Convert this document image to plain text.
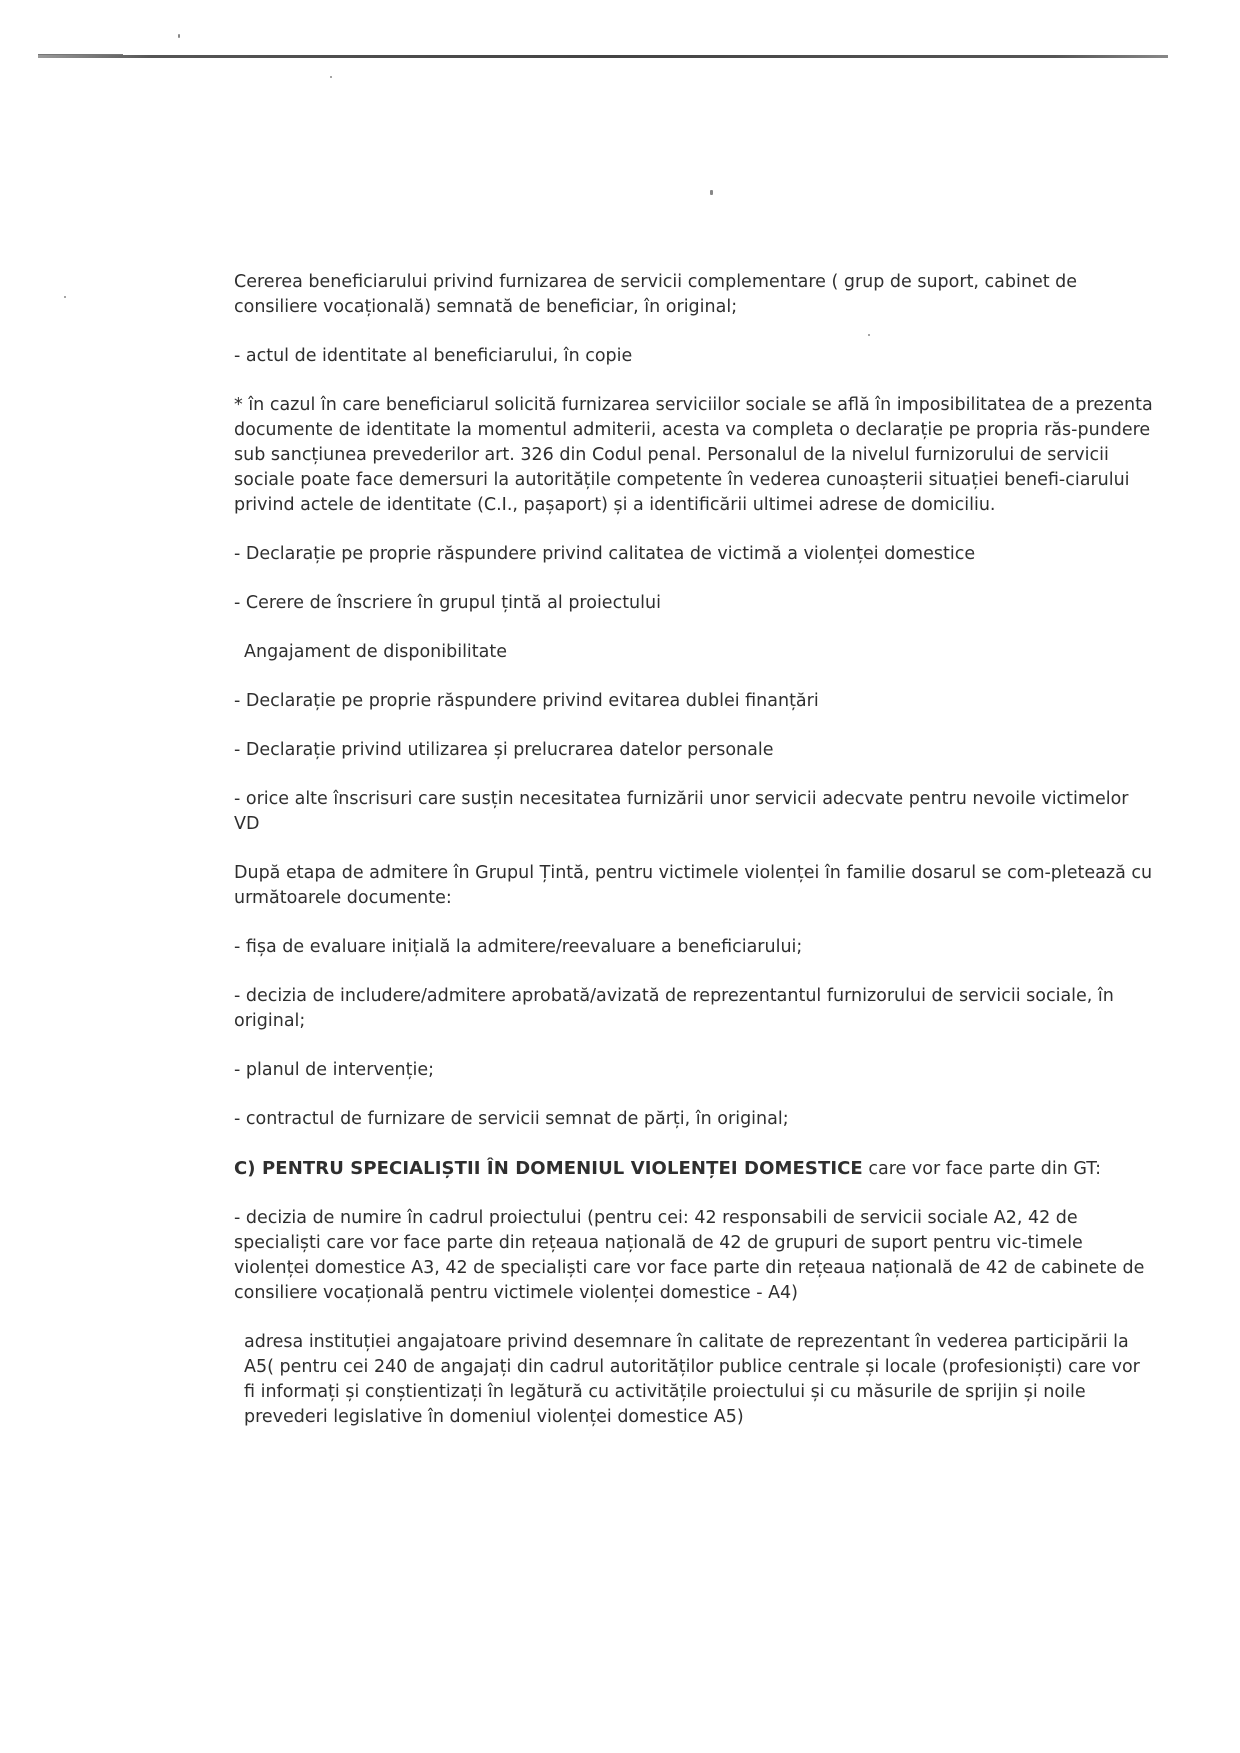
Cererea beneficiarului privind furnizarea de servicii complementare ( grup de suport, cabinet de consiliere vocațională) semnată de beneficiar, în original;

- actul de identitate al beneficiarului, în copie

* în cazul în care beneficiarul solicită furnizarea serviciilor sociale se află în imposibilitatea de a prezenta documente de identitate la momentul admiterii, acesta va completa o declarație pe propria răs-pundere sub sancțiunea prevederilor art. 326 din Codul penal. Personalul de la nivelul furnizorului de servicii sociale poate face demersuri la autoritățile competente în vederea cunoașterii situației benefi-ciarului privind actele de identitate (C.I., pașaport) și a identificării ultimei adrese de domiciliu.

- Declarație pe proprie răspundere privind calitatea de victimă a violenței domestice

- Cerere de înscriere în grupul țintă al proiectului

Angajament de disponibilitate

- Declarație pe proprie răspundere privind evitarea dublei finanțări

- Declarație privind utilizarea și prelucrarea datelor personale

- orice alte înscrisuri care susțin necesitatea furnizării unor servicii adecvate pentru nevoile victimelor VD

După etapa de admitere în Grupul Țintă, pentru victimele violenței în familie dosarul se com-pletează cu următoarele documente:

- fișa de evaluare inițială la admitere/reevaluare a beneficiarului;

- decizia de includere/admitere aprobată/avizată de reprezentantul furnizorului de servicii sociale, în original;

- planul de intervenție;

- contractul de furnizare de servicii semnat de părți, în original;

C) PENTRU SPECIALIȘTII ÎN DOMENIUL VIOLENȚEI DOMESTICE care vor face parte din GT:

- decizia de numire în cadrul proiectului (pentru cei: 42 responsabili de servicii sociale A2, 42 de specialiști care vor face parte din rețeaua națională de 42 de grupuri de suport pentru vic-timele violenței domestice A3, 42 de specialiști care vor face parte din rețeaua națională de 42 de cabinete de consiliere vocațională pentru victimele violenței domestice - A4)

adresa instituției angajatoare privind desemnare în calitate de reprezentant în vederea participării la A5( pentru cei 240 de angajați din cadrul autorităților publice centrale și locale (profesioniști) care vor fi informați și conștientizați în legătură cu activitățile proiectului și cu măsurile de sprijin și noile prevederi legislative în domeniul violenței domestice A5)
